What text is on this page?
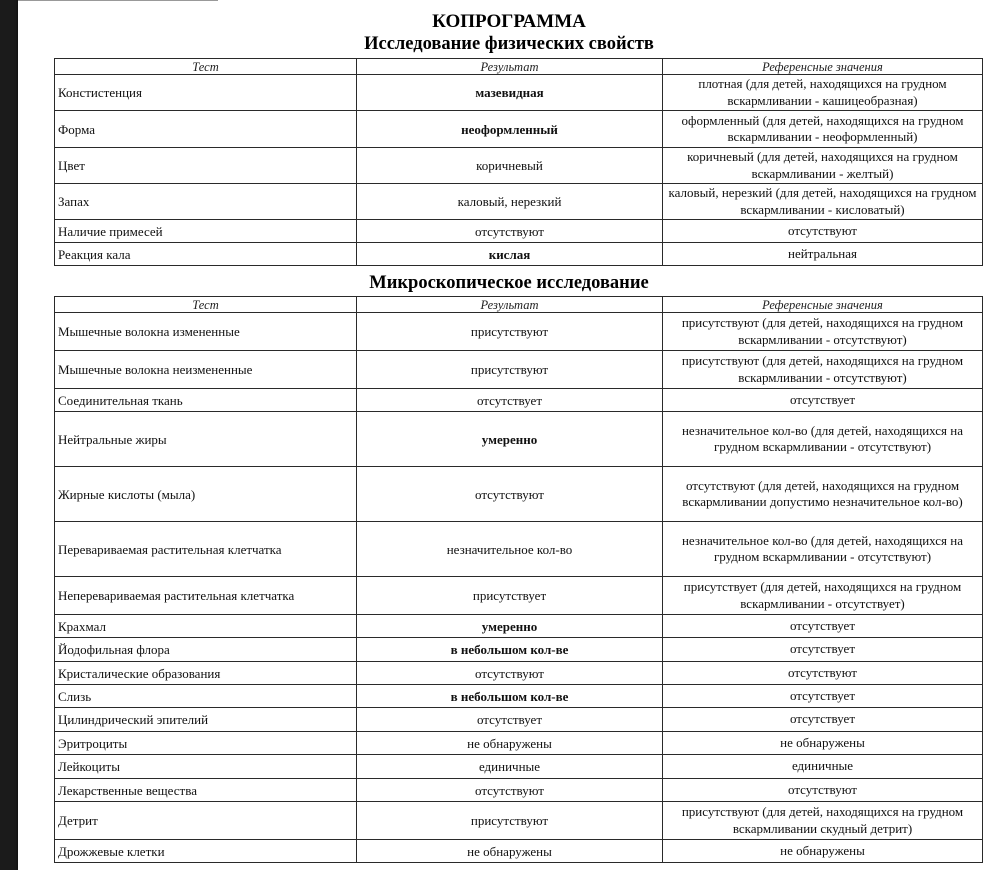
КОПРОГРАММА
Исследование физических свойств
Тест	Результат	Референсные значения
Констистенция	мазевидная	плотная (для детей, находящихся на грудном вскармливании - кашицеобразная)
Форма	неоформленный	оформленный (для детей, находящихся на грудном вскармливании - неоформленный)
Цвет	коричневый	коричневый (для детей, находящихся на грудном вскармливании - желтый)
Запах	каловый, нерезкий	каловый, нерезкий (для детей, находящихся на грудном вскармливании - кисловатый)
Наличие примесей	отсутствуют	отсутствуют
Реакция кала	кислая	нейтральная
Микроскопическое исследование
Тест	Результат	Референсные значения
Мышечные волокна измененные	присутствуют	присутствуют (для детей, находящихся на грудном вскармливании - отсутствуют)
Мышечные волокна неизмененные	присутствуют	присутствуют (для детей, находящихся на грудном вскармливании - отсутствуют)
Соединительная ткань	отсутствует	отсутствует
Нейтральные жиры	умеренно	незначительное кол-во (для детей, находящихся на грудном вскармливании - отсутствуют)
Жирные кислоты (мыла)	отсутствуют	отсутствуют (для детей, находящихся на грудном вскармливании допустимо незначительное кол-во)
Перевариваемая растительная клетчатка	незначительное кол-во	незначительное кол-во (для детей, находящихся на грудном вскармливании - отсутствуют)
Неперевариваемая растительная клетчатка	присутствует	присутствует (для детей, находящихся на грудном вскармливании - отсутствует)
Крахмал	умеренно	отсутствует
Йодофильная флора	в небольшом кол-ве	отсутствует
Кристалические образования	отсутствуют	отсутствуют
Слизь	в небольшом кол-ве	отсутствует
Цилиндрический эпителий	отсутствует	отсутствует
Эритроциты	не обнаружены	не обнаружены
Лейкоциты	единичные	единичные
Лекарственные вещества	отсутствуют	отсутствуют
Детрит	присутствуют	присутствуют (для детей, находящихся на грудном вскармливании скудный детрит)
Дрожжевые клетки	не обнаружены	не обнаружены
